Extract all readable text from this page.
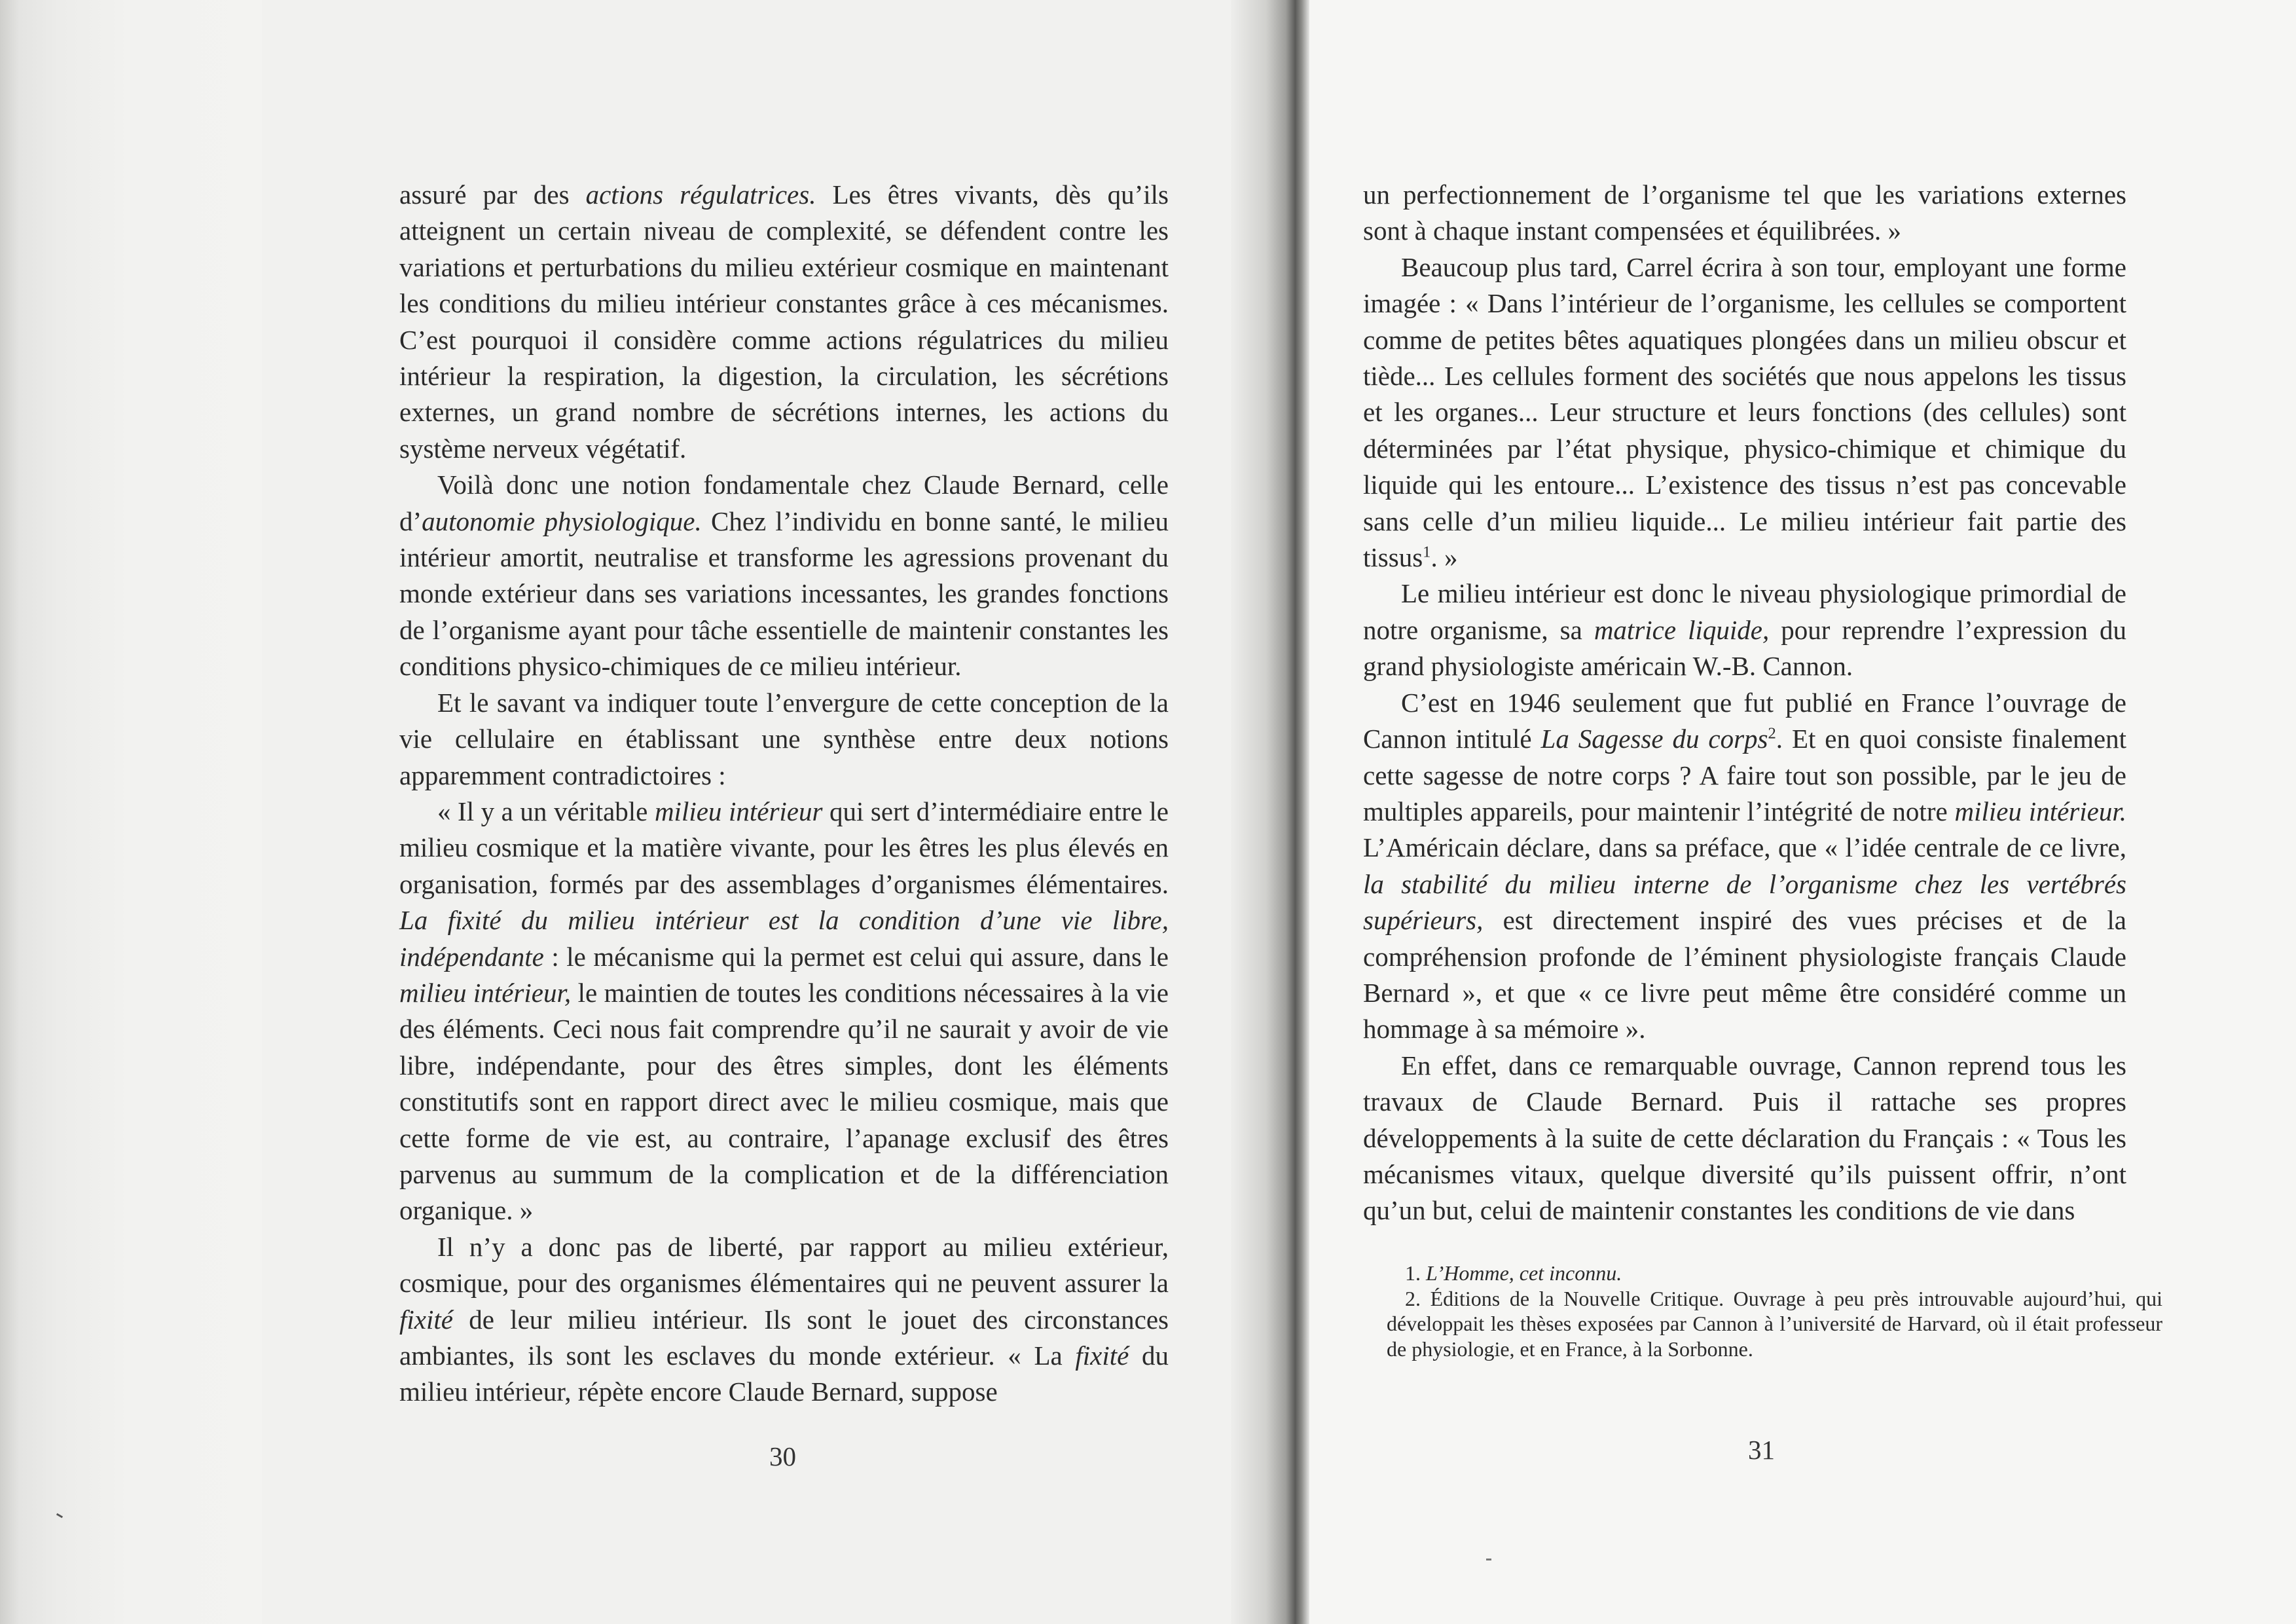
assuré par des actions régulatrices. Les êtres vivants, dès qu’ils atteignent un certain niveau de complexité, se défendent contre les variations et perturbations du milieu extérieur cosmique en maintenant les conditions du milieu intérieur constantes grâce à ces mécanismes. C’est pourquoi il considère comme actions régulatrices du milieu intérieur la respiration, la digestion, la circulation, les sécrétions externes, un grand nombre de sécrétions internes, les actions du système nerveux végétatif.

Voilà donc une notion fondamentale chez Claude Bernard, celle d’autonomie physiologique. Chez l’individu en bonne santé, le milieu intérieur amortit, neutralise et transforme les agressions provenant du monde extérieur dans ses variations incessantes, les grandes fonctions de l’organisme ayant pour tâche essentielle de maintenir constantes les conditions physico-chimiques de ce milieu intérieur.

Et le savant va indiquer toute l’envergure de cette conception de la vie cellulaire en établissant une synthèse entre deux notions apparemment contradictoires :

« Il y a un véritable milieu intérieur qui sert d’intermédiaire entre le milieu cosmique et la matière vivante, pour les êtres les plus élevés en organisation, formés par des assemblages d’organismes élémentaires. La fixité du milieu intérieur est la condition d’une vie libre, indépendante : le mécanisme qui la permet est celui qui assure, dans le milieu intérieur, le maintien de toutes les conditions nécessaires à la vie des éléments. Ceci nous fait comprendre qu’il ne saurait y avoir de vie libre, indépendante, pour des êtres simples, dont les éléments constitutifs sont en rapport direct avec le milieu cosmique, mais que cette forme de vie est, au contraire, l’apanage exclusif des êtres parvenus au summum de la complication et de la différenciation organique. »

Il n’y a donc pas de liberté, par rapport au milieu extérieur, cosmique, pour des organismes élémentaires qui ne peuvent assurer la fixité de leur milieu intérieur. Ils sont le jouet des circonstances ambiantes, ils sont les esclaves du monde extérieur. « La fixité du milieu intérieur, répète encore Claude Bernard, suppose

30

un perfectionnement de l’organisme tel que les variations externes sont à chaque instant compensées et équilibrées. »

Beaucoup plus tard, Carrel écrira à son tour, employant une forme imagée : « Dans l’intérieur de l’organisme, les cellules se comportent comme de petites bêtes aquatiques plongées dans un milieu obscur et tiède... Les cellules forment des sociétés que nous appelons les tissus et les organes... Leur structure et leurs fonctions (des cellules) sont déterminées par l’état physique, physico-chimique et chimique du liquide qui les entoure... L’existence des tissus n’est pas concevable sans celle d’un milieu liquide... Le milieu intérieur fait partie des tissus$^1$. »

Le milieu intérieur est donc le niveau physiologique primordial de notre organisme, sa matrice liquide, pour reprendre l’expression du grand physiologiste américain W.-B. Cannon.

C’est en 1946 seulement que fut publié en France l’ouvrage de Cannon intitulé La Sagesse du corps$^2$. Et en quoi consiste finalement cette sagesse de notre corps ? A faire tout son possible, par le jeu de multiples appareils, pour maintenir l’intégrité de notre milieu intérieur. L’Américain déclare, dans sa préface, que « l’idée centrale de ce livre, la stabilité du milieu interne de l’organisme chez les vertébrés supérieurs, est directement inspiré des vues précises et de la compréhension profonde de l’éminent physiologiste français Claude Bernard », et que « ce livre peut même être considéré comme un hommage à sa mémoire ».

En effet, dans ce remarquable ouvrage, Cannon reprend tous les travaux de Claude Bernard. Puis il rattache ses propres développements à la suite de cette déclaration du Français : « Tous les mécanismes vitaux, quelque diversité qu’ils puissent offrir, n’ont qu’un but, celui de maintenir constantes les conditions de vie dans

1. L’Homme, cet inconnu.

2. Éditions de la Nouvelle Critique. Ouvrage à peu près introuvable aujourd’hui, qui développait les thèses exposées par Cannon à l’université de Harvard, où il était professeur de physiologie, et en France, à la Sorbonne.

31
